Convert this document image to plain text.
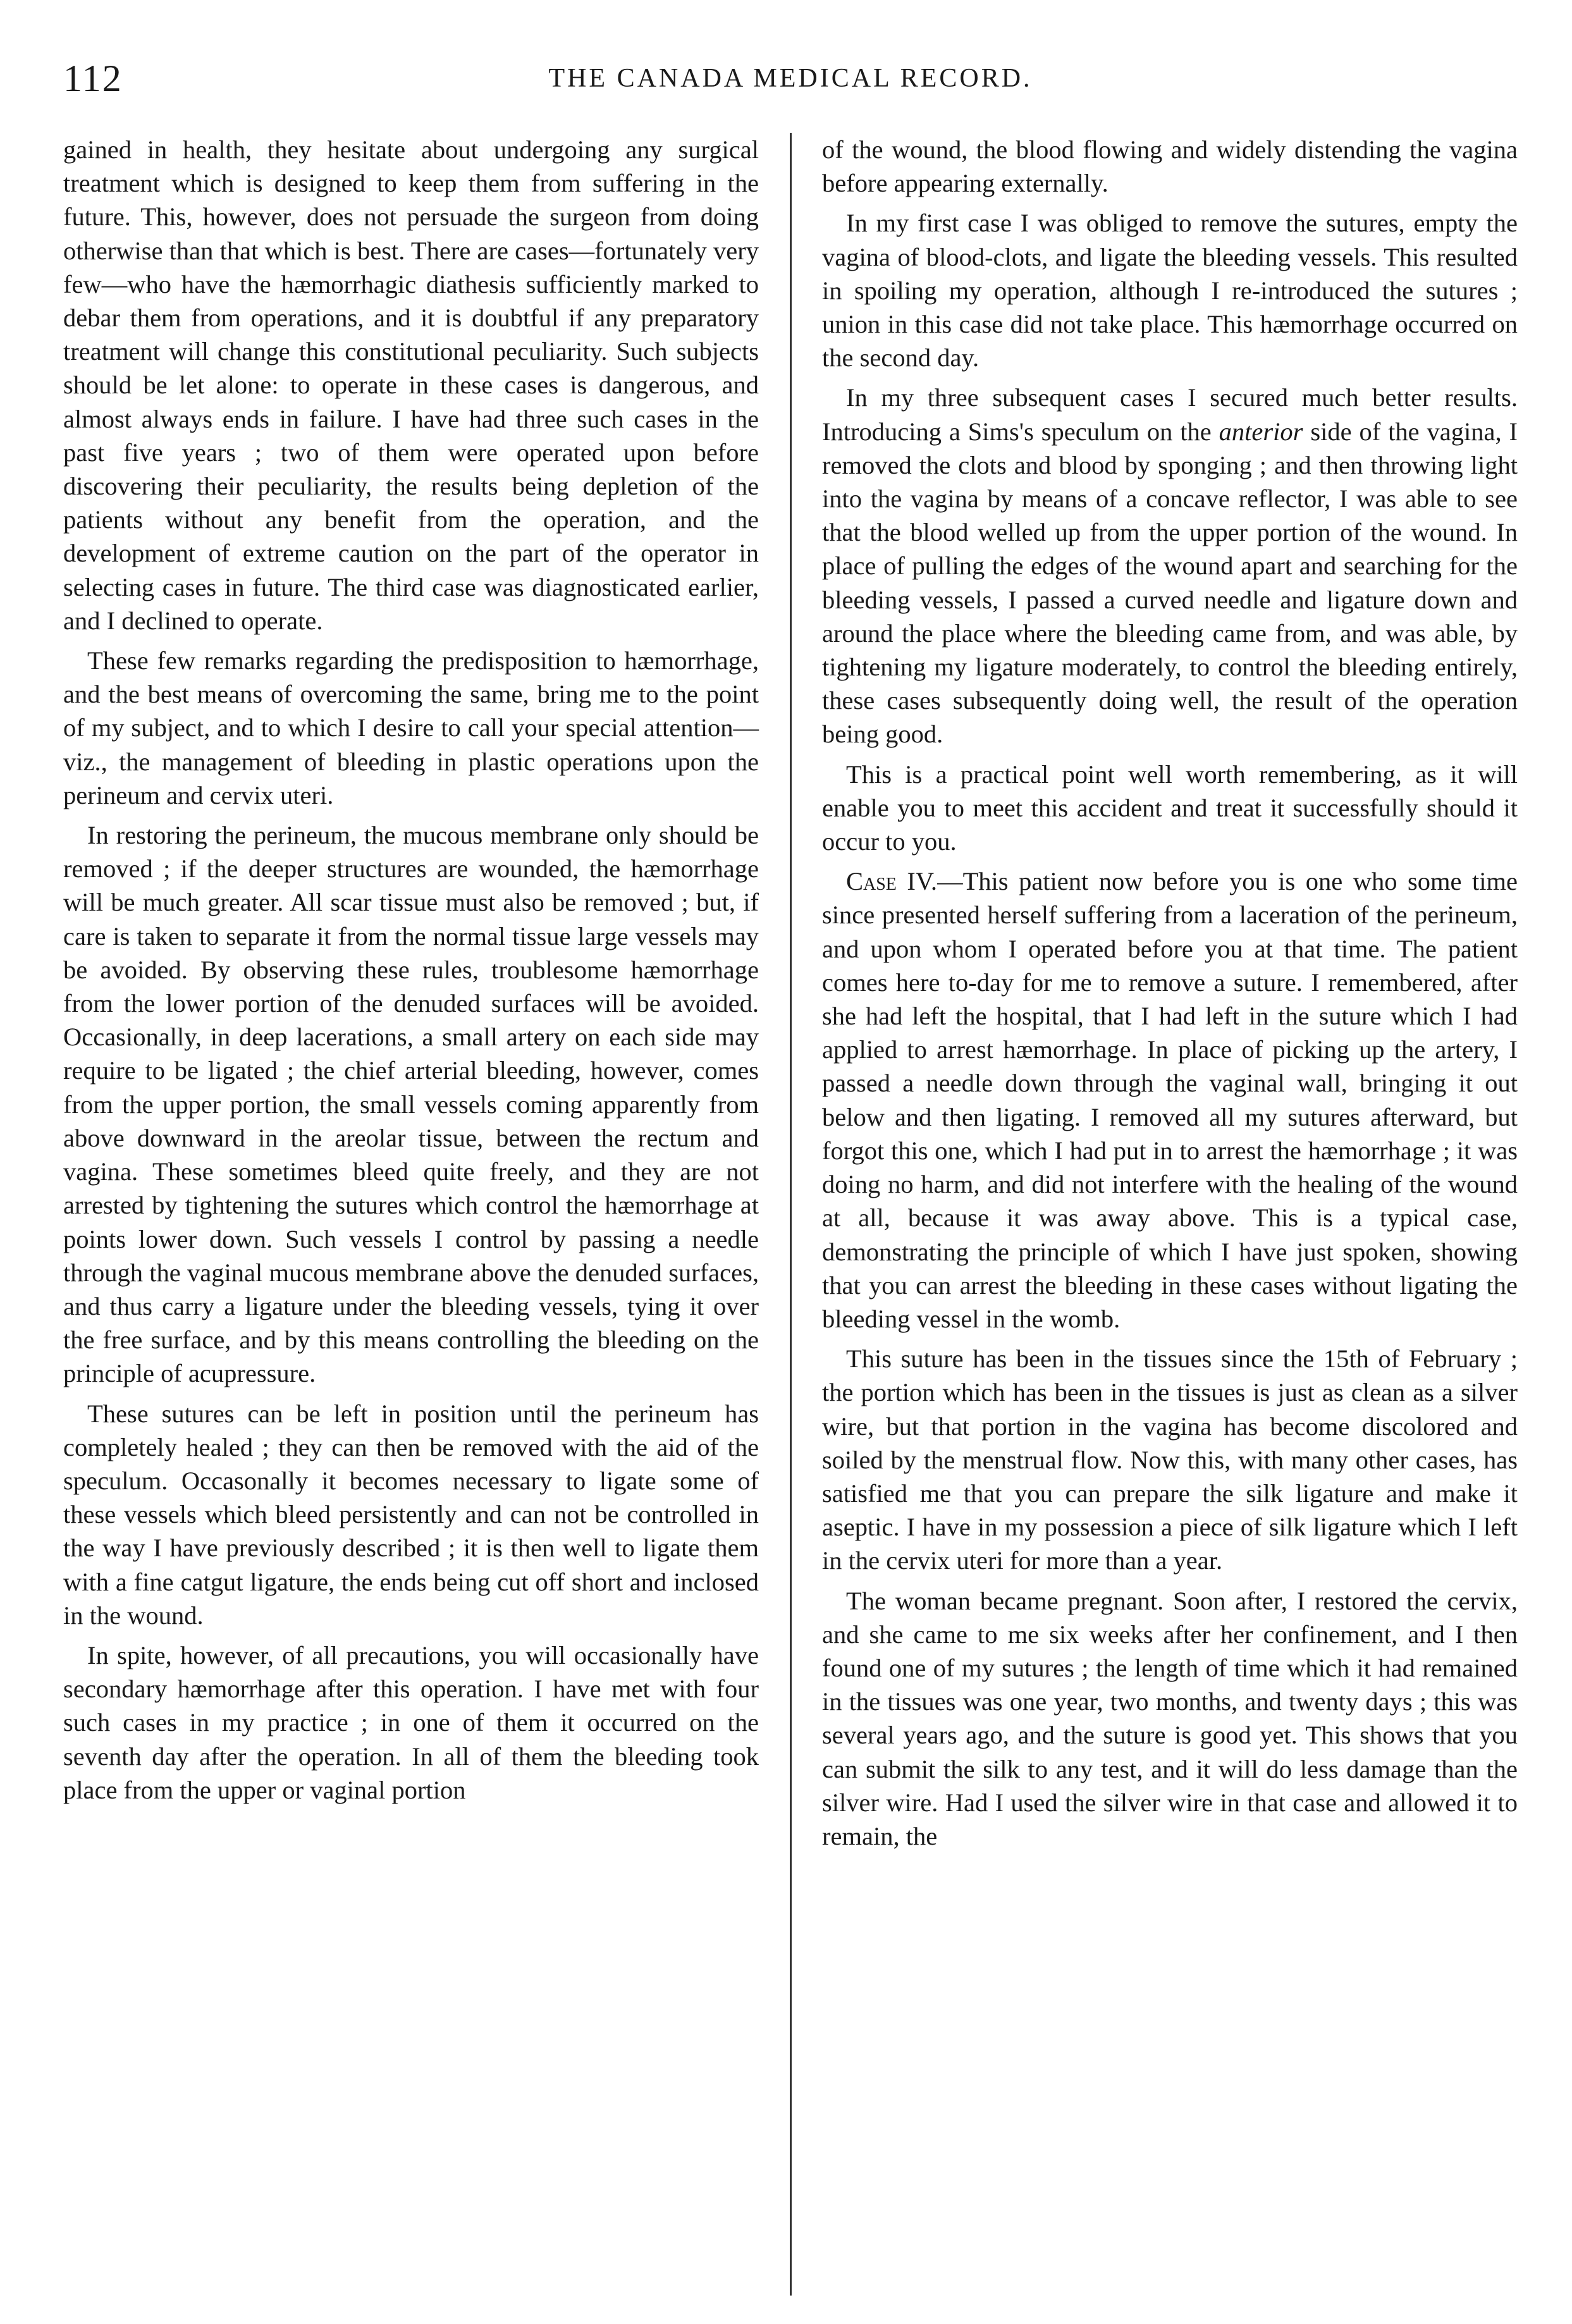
112	THE CANADA MEDICAL RECORD.

gained in health, they hesitate about undergoing any surgical treatment which is designed to keep them from suffering in the future. This, however, does not persuade the surgeon from doing otherwise than that which is best. There are cases—fortunately very few—who have the hæmorrhagic diathesis sufficiently marked to debar them from operations, and it is doubtful if any preparatory treatment will change this constitutional peculiarity. Such subjects should be let alone: to operate in these cases is dangerous, and almost always ends in failure. I have had three such cases in the past five years ; two of them were operated upon before discovering their peculiarity, the results being depletion of the patients without any benefit from the operation, and the development of extreme caution on the part of the operator in selecting cases in future. The third case was diagnosticated earlier, and I declined to operate.

These few remarks regarding the predisposition to hæmorrhage, and the best means of overcoming the same, bring me to the point of my subject, and to which I desire to call your special attention—viz., the management of bleeding in plastic operations upon the perineum and cervix uteri.

In restoring the perineum, the mucous membrane only should be removed ; if the deeper structures are wounded, the hæmorrhage will be much greater. All scar tissue must also be removed ; but, if care is taken to separate it from the normal tissue large vessels may be avoided. By observing these rules, troublesome hæmorrhage from the lower portion of the denuded surfaces will be avoided. Occasionally, in deep lacerations, a small artery on each side may require to be ligated ; the chief arterial bleeding, however, comes from the upper portion, the small vessels coming apparently from above downward in the areolar tissue, between the rectum and vagina. These sometimes bleed quite freely, and they are not arrested by tightening the sutures which control the hæmorrhage at points lower down. Such vessels I control by passing a needle through the vaginal mucous membrane above the denuded surfaces, and thus carry a ligature under the bleeding vessels, tying it over the free surface, and by this means controlling the bleeding on the principle of acupressure.

These sutures can be left in position until the perineum has completely healed ; they can then be removed with the aid of the speculum. Occasonally it becomes necessary to ligate some of these vessels which bleed persistently and can not be controlled in the way I have previously described ; it is then well to ligate them with a fine catgut ligature, the ends being cut off short and inclosed in the wound.

In spite, however, of all precautions, you will occasionally have secondary hæmorrhage after this operation. I have met with four such cases in my practice ; in one of them it occurred on the seventh day after the operation. In all of them the bleeding took place from the upper or vaginal portion

of the wound, the blood flowing and widely distending the vagina before appearing externally.

In my first case I was obliged to remove the sutures, empty the vagina of blood-clots, and ligate the bleeding vessels. This resulted in spoiling my operation, although I re-introduced the sutures ; union in this case did not take place. This hæmorrhage occurred on the second day.

In my three subsequent cases I secured much better results. Introducing a Sims's speculum on the anterior side of the vagina, I removed the clots and blood by sponging ; and then throwing light into the vagina by means of a concave reflector, I was able to see that the blood welled up from the upper portion of the wound. In place of pulling the edges of the wound apart and searching for the bleeding vessels, I passed a curved needle and ligature down and around the place where the bleeding came from, and was able, by tightening my ligature moderately, to control the bleeding entirely, these cases subsequently doing well, the result of the operation being good.

This is a practical point well worth remembering, as it will enable you to meet this accident and treat it successfully should it occur to you.

Case IV.—This patient now before you is one who some time since presented herself suffering from a laceration of the perineum, and upon whom I operated before you at that time. The patient comes here to-day for me to remove a suture. I remembered, after she had left the hospital, that I had left in the suture which I had applied to arrest hæmorrhage. In place of picking up the artery, I passed a needle down through the vaginal wall, bringing it out below and then ligating. I removed all my sutures afterward, but forgot this one, which I had put in to arrest the hæmorrhage ; it was doing no harm, and did not interfere with the healing of the wound at all, because it was away above. This is a typical case, demonstrating the principle of which I have just spoken, showing that you can arrest the bleeding in these cases without ligating the bleeding vessel in the womb.

This suture has been in the tissues since the 15th of February ; the portion which has been in the tissues is just as clean as a silver wire, but that portion in the vagina has become discolored and soiled by the menstrual flow. Now this, with many other cases, has satisfied me that you can prepare the silk ligature and make it aseptic. I have in my possession a piece of silk ligature which I left in the cervix uteri for more than a year.

The woman became pregnant. Soon after, I restored the cervix, and she came to me six weeks after her confinement, and I then found one of my sutures ; the length of time which it had remained in the tissues was one year, two months, and twenty days ; this was several years ago, and the suture is good yet. This shows that you can submit the silk to any test, and it will do less damage than the silver wire. Had I used the silver wire in that case and allowed it to remain, the
